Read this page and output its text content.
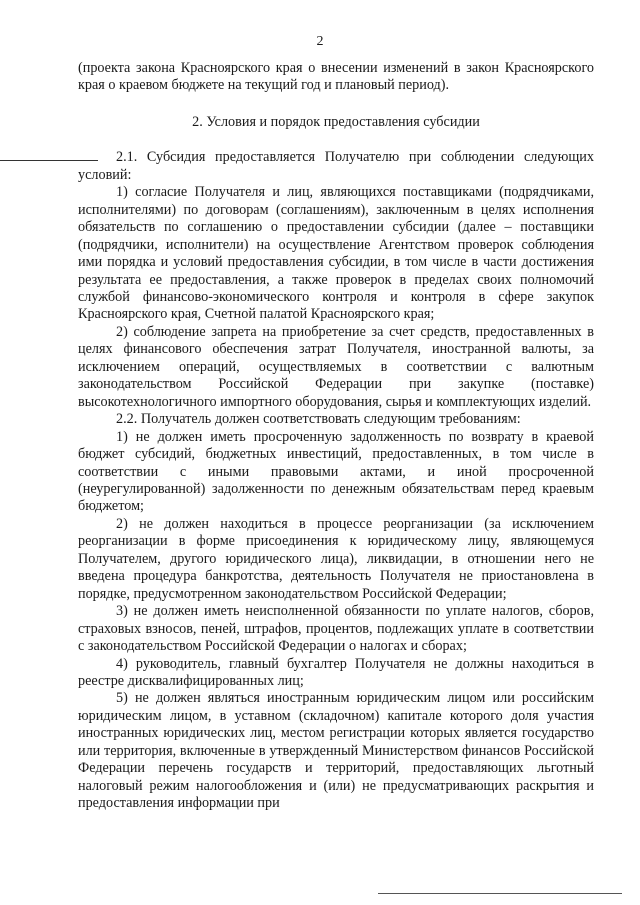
2

(проекта закона Красноярского края о внесении изменений в закон Красноярского края о краевом бюджете на текущий год и плановый период).

2. Условия и порядок предоставления субсидии

2.1. Субсидия предоставляется Получателю при соблюдении следующих условий:

1) согласие Получателя и лиц, являющихся поставщиками (подрядчиками, исполнителями) по договорам (соглашениям), заключенным в целях исполнения обязательств по соглашению о предоставлении субсидии (далее – поставщики (подрядчики, исполнители) на осуществление Агентством проверок соблюдения ими порядка и условий предоставления субсидии, в том числе в части достижения результата ее предоставления, а также проверок в пределах своих полномочий службой финансово-экономического контроля и контроля в сфере закупок Красноярского края, Счетной палатой Красноярского края;

2) соблюдение запрета на приобретение за счет средств, предоставленных в целях финансового обеспечения затрат Получателя, иностранной валюты, за исключением операций, осуществляемых в соответствии с валютным законодательством Российской Федерации при закупке (поставке) высокотехнологичного импортного оборудования, сырья и комплектующих изделий.

2.2. Получатель должен соответствовать следующим требованиям:

1) не должен иметь просроченную задолженность по возврату в краевой бюджет субсидий, бюджетных инвестиций, предоставленных, в том числе в соответствии с иными правовыми актами, и иной просроченной (неурегулированной) задолженности по денежным обязательствам перед краевым бюджетом;

2) не должен находиться в процессе реорганизации (за исключением реорганизации в форме присоединения к юридическому лицу, являющемуся Получателем, другого юридического лица), ликвидации, в отношении него не введена процедура банкротства, деятельность Получателя не приостановлена в порядке, предусмотренном законодательством Российской Федерации;

3) не должен иметь неисполненной обязанности по уплате налогов, сборов, страховых взносов, пеней, штрафов, процентов, подлежащих уплате в соответствии с законодательством Российской Федерации о налогах и сборах;

4) руководитель, главный бухгалтер Получателя не должны находиться в реестре дисквалифицированных лиц;

5) не должен являться иностранным юридическим лицом или российским юридическим лицом, в уставном (складочном) капитале которого доля участия иностранных юридических лиц, местом регистрации которых является государство или территория, включенные в утвержденный Министерством финансов Российской Федерации перечень государств и территорий, предоставляющих льготный налоговый режим налогообложения и (или) не предусматривающих раскрытия и предоставления информации при
